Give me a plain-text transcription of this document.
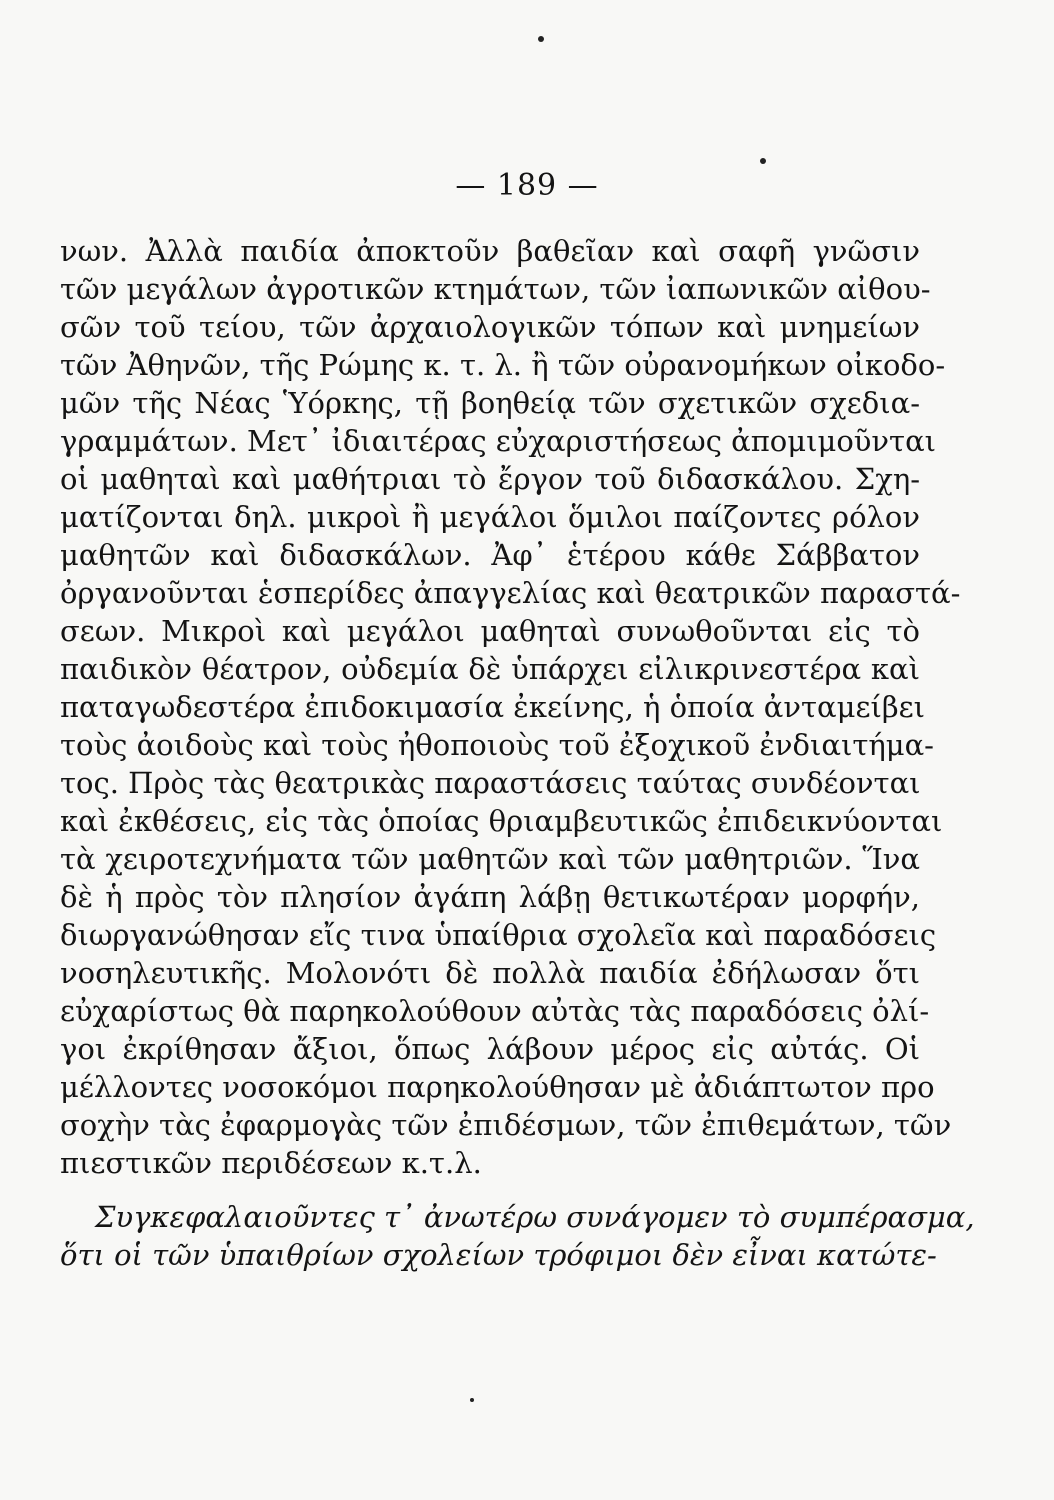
— 189 —
νων. Ἀλλὰ παιδία ἀποκτοῦν βαθεῖαν καὶ σαφῆ γνῶσιν
τῶν μεγάλων ἀγροτικῶν κτημάτων, τῶν ἰαπωνικῶν αἰθου-
σῶν τοῦ τείου, τῶν ἀρχαιολογικῶν τόπων καὶ μνημείων
τῶν Ἀθηνῶν, τῆς Ρώμης κ. τ. λ. ἢ τῶν οὐρανομήκων οἰκοδο-
μῶν τῆς Νέας Ὑόρκης, τῇ βοηθείᾳ τῶν σχετικῶν σχεδια-
γραμμάτων. Μετ᾽ ἰδιαιτέρας εὐχαριστήσεως ἀπομιμοῦνται
οἱ μαθηταὶ καὶ μαθήτριαι τὸ ἔργον τοῦ διδασκάλου. Σχη-
ματίζονται δηλ. μικροὶ ἢ μεγάλοι ὅμιλοι παίζοντες ρόλον
μαθητῶν καὶ διδασκάλων. Ἀφ᾽ ἑτέρου κάθε Σάββατον
ὀργανοῦνται ἑσπερίδες ἀπαγγελίας καὶ θεατρικῶν παραστά-
σεων. Μικροὶ καὶ μεγάλοι μαθηταὶ συνωθοῦνται εἰς τὸ
παιδικὸν θέατρον, οὐδεμία δὲ ὑπάρχει εἰλικρινεστέρα καὶ
παταγωδεστέρα ἐπιδοκιμασία ἐκείνης, ἡ ὁποία ἀνταμείβει
τοὺς ἀοιδοὺς καὶ τοὺς ἠθοποιοὺς τοῦ ἐξοχικοῦ ἐνδιαιτήμα-
τος. Πρὸς τὰς θεατρικὰς παραστάσεις ταύτας συνδέονται
καὶ ἐκθέσεις, εἰς τὰς ὁποίας θριαμβευτικῶς ἐπιδεικνύονται
τὰ χειροτεχνήματα τῶν μαθητῶν καὶ τῶν μαθητριῶν. Ἵνα
δὲ ἡ πρὸς τὸν πλησίον ἀγάπη λάβῃ θετικωτέραν μορφήν,
διωργανώθησαν εἴς τινα ὑπαίθρια σχολεῖα καὶ παραδόσεις
νοσηλευτικῆς. Μολονότι δὲ πολλὰ παιδία ἐδήλωσαν ὅτι
εὐχαρίστως θὰ παρηκολούθουν αὐτὰς τὰς παραδόσεις ὀλί-
γοι ἐκρίθησαν ἄξιοι, ὅπως λάβουν μέρος εἰς αὐτάς. Οἱ
μέλλοντες νοσοκόμοι παρηκολούθησαν μὲ ἀδιάπτωτον προ
σοχὴν τὰς ἐφαρμογὰς τῶν ἐπιδέσμων, τῶν ἐπιθεμάτων, τῶν
πιεστικῶν περιδέσεων κ.τ.λ.
Συγκεφαλαιοῦντες τ᾽ ἀνωτέρω συνάγομεν τὸ συμπέρασμα,
ὅτι οἱ τῶν ὑπαιθρίων σχολείων τρόφιμοι δὲν εἶναι κατώτε-
